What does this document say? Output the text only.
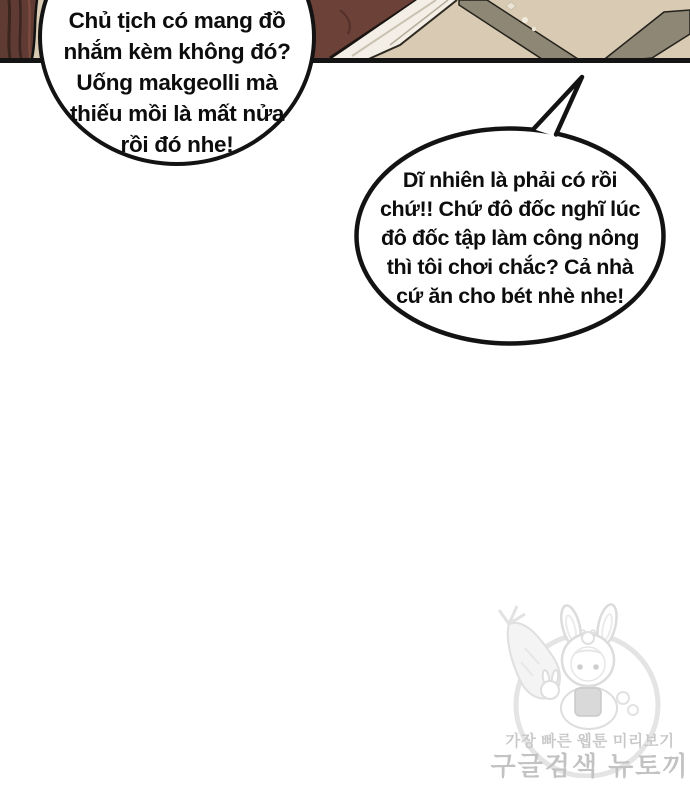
Chủ tịch có mang đồ
nhắm kèm không đó?
Uống makgeolli mà
thiếu mồi là mất nửa
rồi đó nhe!
Dĩ nhiên là phải có rồi
chứ!! Chứ đô đốc nghĩ lúc
đô đốc tập làm công nông
thì tôi chơi chắc? Cả nhà
cứ ăn cho bét nhè nhe!
가장 빠른 웹툰 미리보기
구글검색 뉴토끼
